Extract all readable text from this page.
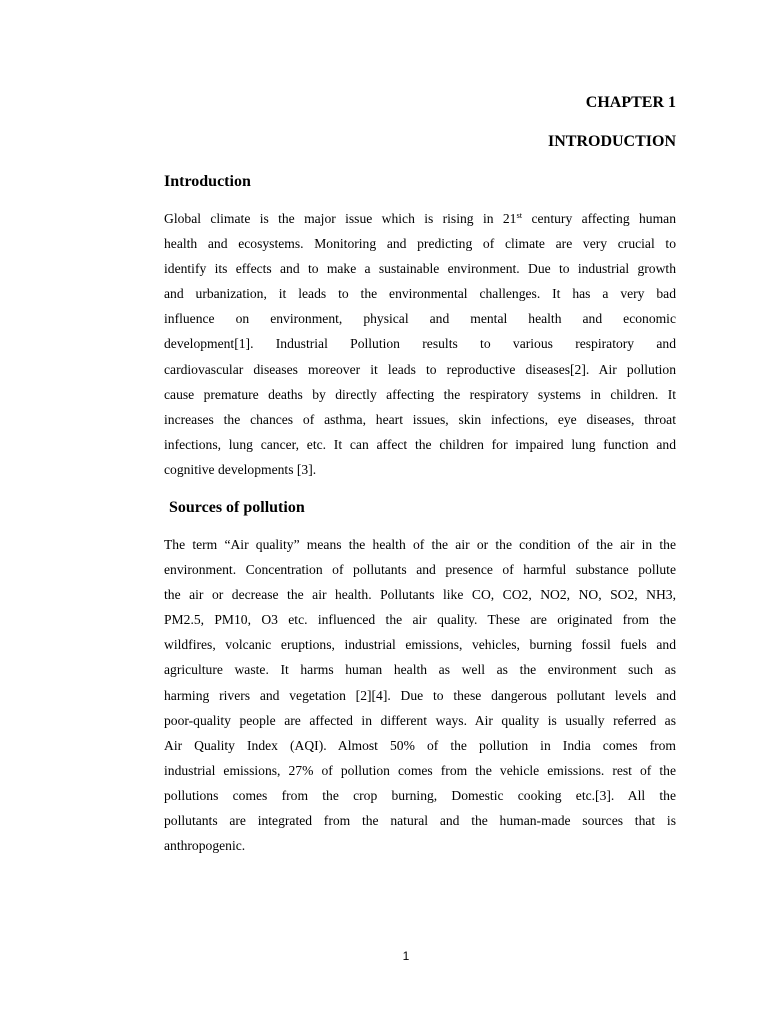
CHAPTER 1
INTRODUCTION
Introduction
Global climate is the major issue which is rising in 21st century affecting human
health and ecosystems. Monitoring and predicting of climate are very crucial to
identify its effects and to make a sustainable environment. Due to industrial growth
and urbanization, it leads to the environmental challenges. It has a very bad
influence on environment, physical and mental health and economic
development[1]. Industrial Pollution results to various respiratory and
cardiovascular diseases moreover it leads to reproductive diseases[2]. Air pollution
cause premature deaths by directly affecting the respiratory systems in children. It
increases the chances of asthma, heart issues, skin infections, eye diseases, throat
infections, lung cancer, etc. It can affect the children for impaired lung function and
cognitive developments [3].
Sources of pollution
The term “Air quality” means the health of the air or the condition of the air in the
environment. Concentration of pollutants and presence of harmful substance pollute
the air or decrease the air health. Pollutants like CO, CO2, NO2, NO, SO2, NH3,
PM2.5, PM10, O3 etc. influenced the air quality. These are originated from the
wildfires, volcanic eruptions, industrial emissions, vehicles, burning fossil fuels and
agriculture waste. It harms human health as well as the environment such as
harming rivers and vegetation [2][4]. Due to these dangerous pollutant levels and
poor-quality people are affected in different ways. Air quality is usually referred as
Air Quality Index (AQI). Almost 50% of the pollution in India comes from
industrial emissions, 27% of pollution comes from the vehicle emissions. rest of the
pollutions comes from the crop burning, Domestic cooking etc.[3]. All the
pollutants are integrated from the natural and the human-made sources that is
anthropogenic.
1
